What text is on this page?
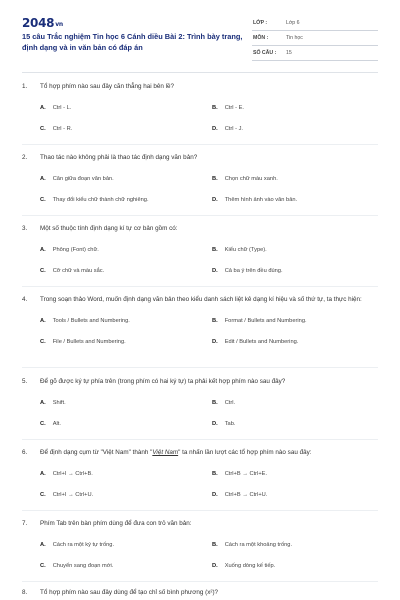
2048vn
15 câu Trắc nghiệm Tin học 6 Cánh diều Bài 2: Trình bày trang, định dạng và in văn bản có đáp án
LỚP :	Lớp 6
MÔN :	Tin học
SỐ CÂU : 15
1. Tổ hợp phím nào sau đây căn thẳng hai bên lề?
A. Ctrl - L.	B. Ctrl - E.
C. Ctrl - R.	D. Ctrl - J.
2. Thao tác nào không phải là thao tác định dạng văn bản?
A. Căn giữa đoạn văn bản.	B. Chọn chữ màu xanh.
C. Thay đổi kiểu chữ thành chữ nghiêng.	D. Thêm hình ảnh vào văn bản.
3. Một số thuộc tính định dạng kí tự cơ bản gồm có:
A. Phông (Font) chữ.	B. Kiểu chữ (Type).
C. Cỡ chữ và màu sắc.	D. Cả ba ý trên đều đúng.
4. Trong soạn thảo Word, muốn định dạng văn bản theo kiểu danh sách liệt kê dạng kí hiệu và số thứ tự, ta thực hiện:
A. Tools / Bullets and Numbering.	B. Format / Bullets and Numbering.
C. File / Bullets and Numbering.	D. Edit / Bullets and Numbering.
5. Để gõ được ký tự phía trên (trong phím có hai ký tự) ta phải kết hợp phím nào sau đây?
A. Shift.	B. Ctrl.
C. Alt.	D. Tab.
6. Để định dạng cụm từ "Việt Nam" thành "Việt Nam" ta nhấn lần lượt các tổ hợp phím nào sau đây:
A. Ctrl+I → Ctrl+B.	B. Ctrl+B → Ctrl+E.
C. Ctrl+I → Ctrl+U.	D. Ctrl+B → Ctrl+U.
7. Phím Tab trên bàn phím dùng để đưa con trỏ văn bản:
A. Cách ra một ký tự trống.	B. Cách ra một khoảng trống.
C. Chuyển sang đoạn mới.	D. Xuống dòng kế tiếp.
8. Tổ hợp phím nào sau đây dùng để tạo chỉ số bình phương (x²)?
